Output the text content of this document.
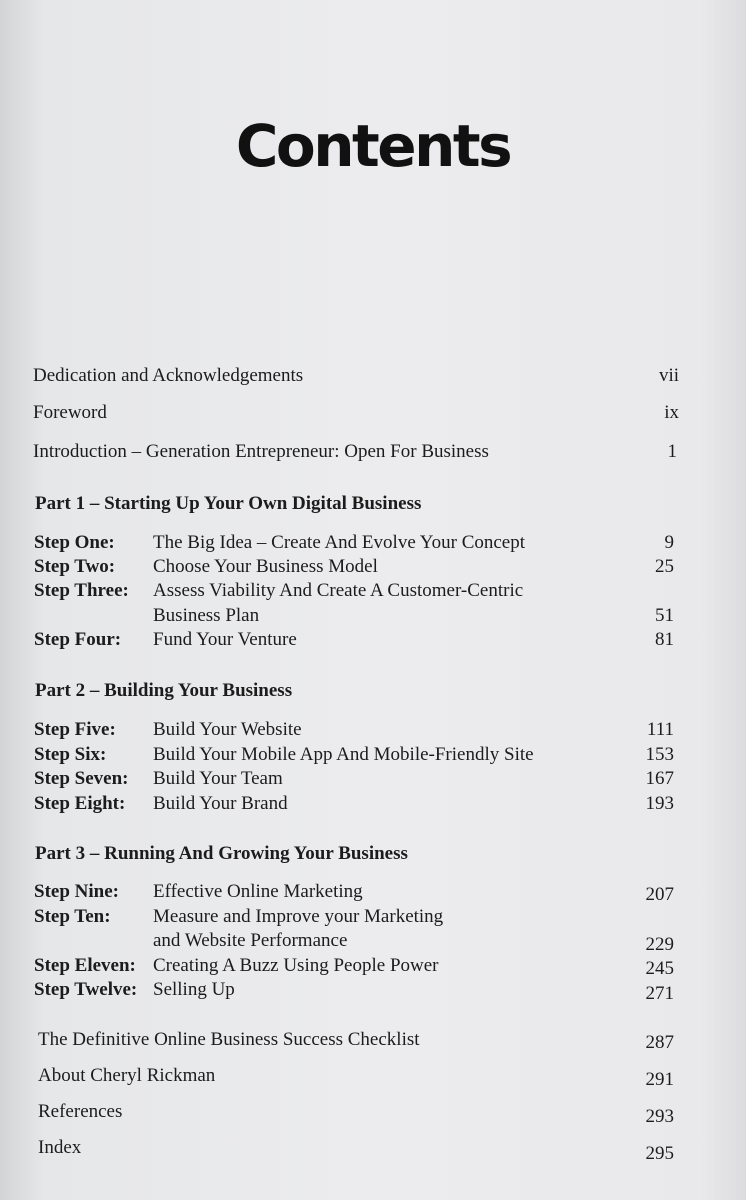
Contents
Dedication and Acknowledgements	vii
Foreword	ix
Introduction – Generation Entrepreneur: Open For Business	1
Part 1 – Starting Up Your Own Digital Business
Step One: The Big Idea – Create And Evolve Your Concept	9
Step Two: Choose Your Business Model	25
Step Three: Assess Viability And Create A Customer-Centric
Business Plan	51
Step Four: Fund Your Venture	81
Part 2 – Building Your Business
Step Five: Build Your Website	111
Step Six: Build Your Mobile App And Mobile-Friendly Site	153
Step Seven: Build Your Team	167
Step Eight: Build Your Brand	193
Part 3 – Running And Growing Your Business
Step Nine: Effective Online Marketing	207
Step Ten: Measure and Improve your Marketing
and Website Performance	229
Step Eleven: Creating A Buzz Using People Power	245
Step Twelve: Selling Up	271
The Definitive Online Business Success Checklist	287
About Cheryl Rickman	291
References	293
Index	295
